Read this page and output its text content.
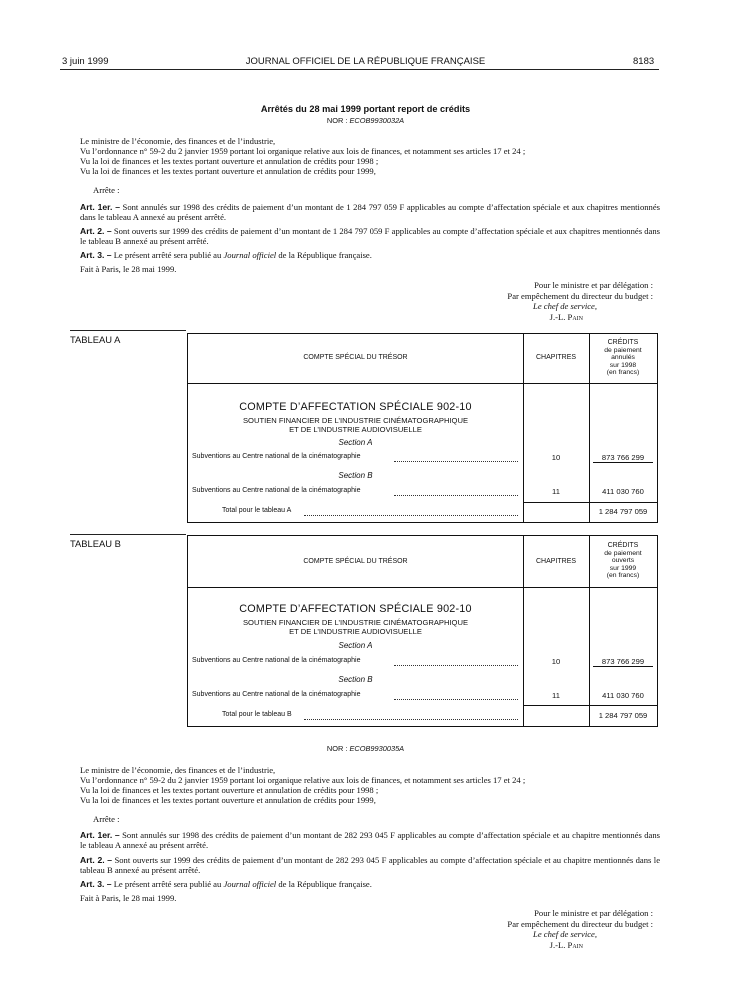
3 juin 1999	JOURNAL OFFICIEL DE LA RÉPUBLIQUE FRANÇAISE	8183
Arrêtés du 28 mai 1999 portant report de crédits
NOR : ECOB9930032A
Le ministre de l’économie, des finances et de l’industrie,
Vu l’ordonnance n° 59-2 du 2 janvier 1959 portant loi organique relative aux lois de finances, et notamment ses articles 17 et 24 ;
Vu la loi de finances et les textes portant ouverture et annulation de crédits pour 1998 ;
Vu la loi de finances et les textes portant ouverture et annulation de crédits pour 1999,
Arrête :
Art. 1er. – Sont annulés sur 1998 des crédits de paiement d’un montant de 1 284 797 059 F applicables au compte d’affectation spéciale et aux chapitres mentionnés dans le tableau A annexé au présent arrêté.
Art. 2. – Sont ouverts sur 1999 des crédits de paiement d’un montant de 1 284 797 059 F applicables au compte d’affectation spéciale et aux chapitres mentionnés dans le tableau B annexé au présent arrêté.
Art. 3. – Le présent arrêté sera publié au Journal officiel de la République française.
Fait à Paris, le 28 mai 1999.
Pour le ministre et par délégation :
Par empêchement du directeur du budget :
Le chef de service,
J.-L. Pain
TABLEAU A
COMPTE SPÉCIAL DU TRÉSOR	CHAPITRES
CRÉDITS
de paiement
annulés
sur 1998
(en francs)
COMPTE D’AFFECTATION SPÉCIALE 902-10
SOUTIEN FINANCIER DE L’INDUSTRIE CINÉMATOGRAPHIQUE
ET DE L’INDUSTRIE AUDIOVISUELLE
Section A
Subventions au Centre national de la cinématographie	10	873 766 299
Section B
Subventions au Centre national de la cinématographie	11	411 030 760
Total pour le tableau A	1 284 797 059
TABLEAU B
COMPTE SPÉCIAL DU TRÉSOR	CHAPITRES
CRÉDITS
de paiement
ouverts
sur 1999
(en francs)
COMPTE D’AFFECTATION SPÉCIALE 902-10
SOUTIEN FINANCIER DE L’INDUSTRIE CINÉMATOGRAPHIQUE
ET DE L’INDUSTRIE AUDIOVISUELLE
Section A
Subventions au Centre national de la cinématographie	10	873 766 299
Section B
Subventions au Centre national de la cinématographie	11	411 030 760
Total pour le tableau B	1 284 797 059
NOR : ECOB9930035A
Le ministre de l’économie, des finances et de l’industrie,
Vu l’ordonnance n° 59-2 du 2 janvier 1959 portant loi organique relative aux lois de finances, et notamment ses articles 17 et 24 ;
Vu la loi de finances et les textes portant ouverture et annulation de crédits pour 1998 ;
Vu la loi de finances et les textes portant ouverture et annulation de crédits pour 1999,
Arrête :
Art. 1er. – Sont annulés sur 1998 des crédits de paiement d’un montant de 282 293 045 F applicables au compte d’affectation spéciale et au chapitre mentionnés dans le tableau A annexé au présent arrêté.
Art. 2. – Sont ouverts sur 1999 des crédits de paiement d’un montant de 282 293 045 F applicables au compte d’affectation spéciale et au chapitre mentionnés dans le tableau B annexé au présent arrêté.
Art. 3. – Le présent arrêté sera publié au Journal officiel de la République française.
Fait à Paris, le 28 mai 1999.
Pour le ministre et par délégation :
Par empêchement du directeur du budget :
Le chef de service,
J.-L. Pain
